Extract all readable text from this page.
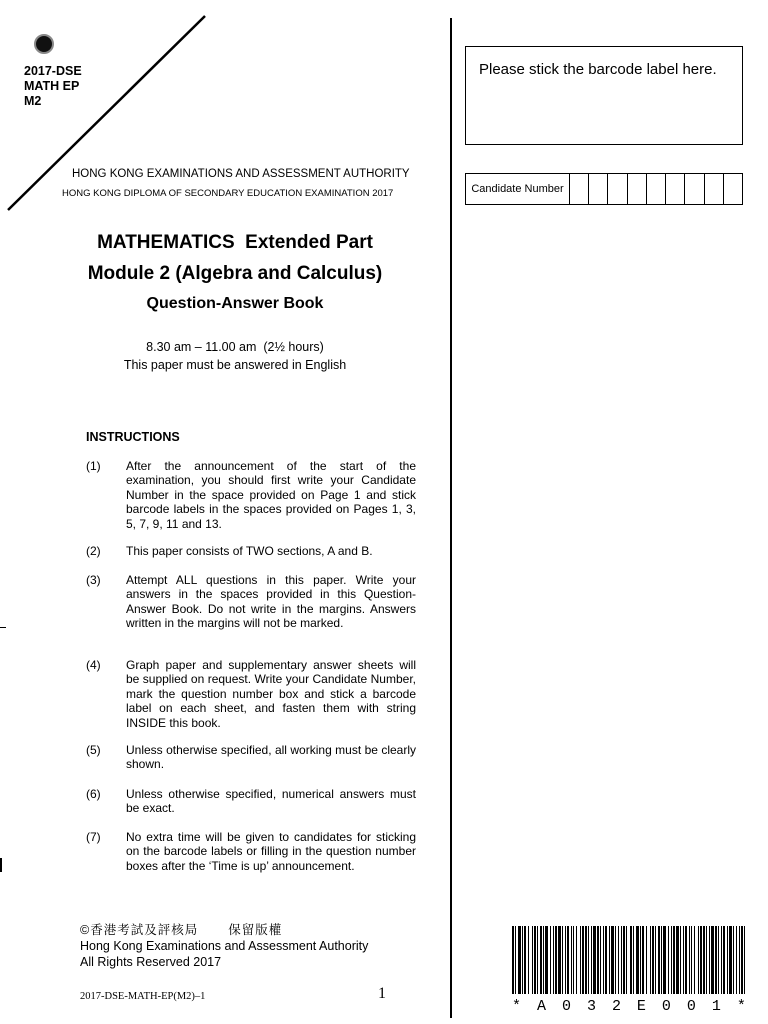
2017-DSE
MATH EP
M2
HONG KONG EXAMINATIONS AND ASSESSMENT AUTHORITY
HONG KONG DIPLOMA OF SECONDARY EDUCATION EXAMINATION 2017
Please stick the barcode label here.
Candidate Number
MATHEMATICS  Extended Part
Module 2 (Algebra and Calculus)
Question-Answer Book
8.30 am – 11.00 am  (2½ hours)
This paper must be answered in English
INSTRUCTIONS
(1)	After the announcement of the start of the examination, you should first write your Candidate Number in the space provided on Page 1 and stick barcode labels in the spaces provided on Pages 1, 3, 5, 7, 9, 11 and 13.
(2)	This paper consists of TWO sections, A and B.
(3)	Attempt ALL questions in this paper. Write your answers in the spaces provided in this Question-Answer Book. Do not write in the margins. Answers written in the margins will not be marked.
(4)	Graph paper and supplementary answer sheets will be supplied on request. Write your Candidate Number, mark the question number box and stick a barcode label on each sheet, and fasten them with string INSIDE this book.
(5)	Unless otherwise specified, all working must be clearly shown.
(6)	Unless otherwise specified, numerical answers must be exact.
(7)	No extra time will be given to candidates for sticking on the barcode labels or filling in the question number boxes after the ‘Time is up’ announcement.
©香港考試及評核局 保留版權
Hong Kong Examinations and Assessment Authority
All Rights Reserved 2017
2017-DSE-MATH-EP(M2)–1	1
* A 0 3 2 E 0 0 1 *
